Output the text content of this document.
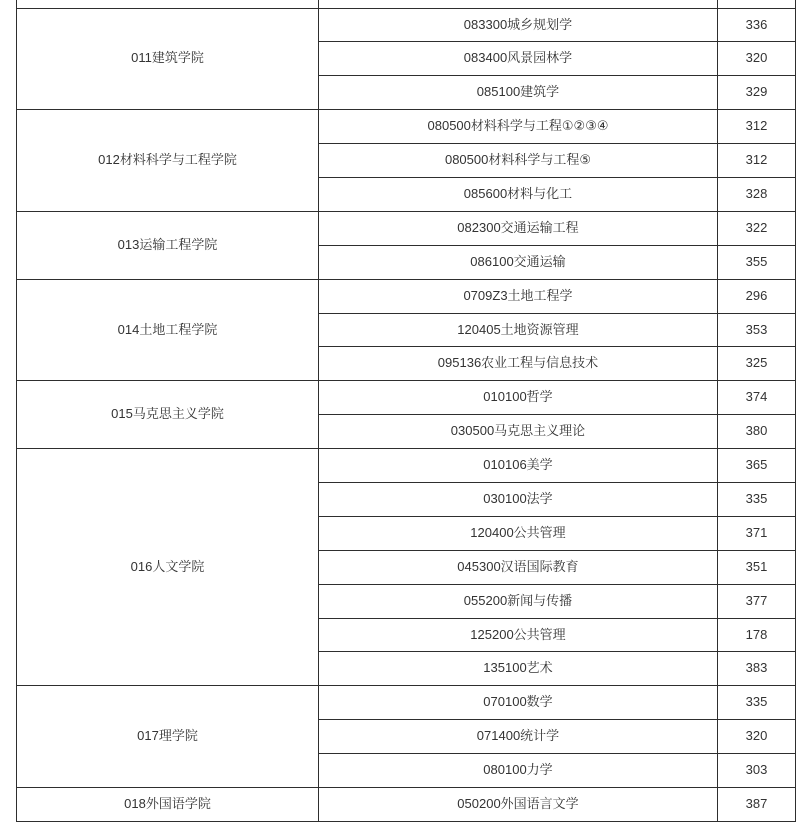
011建筑学院	083300城乡规划学	336
	083400风景园林学	320
	085100建筑学	329
012材料科学与工程学院	080500材料科学与工程①②③④	312
	080500材料科学与工程⑤	312
	085600材料与化工	328
013运输工程学院	082300交通运输工程	322
	086100交通运输	355
014土地工程学院	0709Z3土地工程学	296
	120405土地资源管理	353
	095136农业工程与信息技术	325
015马克思主义学院	010100哲学	374
	030500马克思主义理论	380
016人文学院	010106美学	365
	030100法学	335
	120400公共管理	371
	045300汉语国际教育	351
	055200新闻与传播	377
	125200公共管理	178
	135100艺术	383
017理学院	070100数学	335
	071400统计学	320
	080100力学	303
018外国语学院	050200外国语言文学	387
